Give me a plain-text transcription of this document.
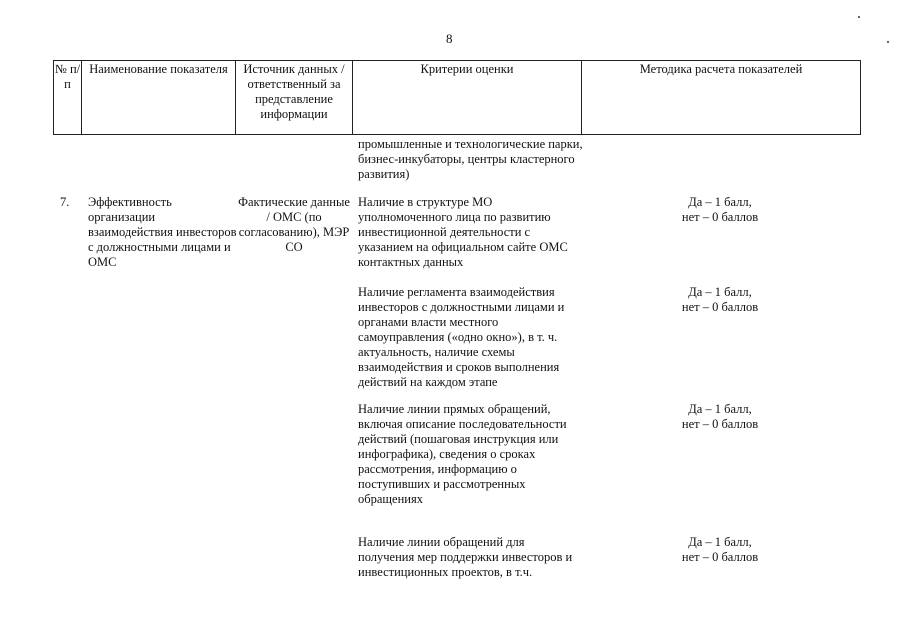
8
№ п/п
Наименование показателя	Источник данных / ответственный за представление информации
Критерии оценки	Методика расчета показателей
промышленные и технологические парки, бизнес-инкубаторы, центры кластерного развития)
7. Эффективность организации взаимодействия инвесторов с должностными лицами и ОМС
Фактические данные / ОМС (по согласованию), МЭР СО
Наличие в структуре МО уполномоченного лица по развитию инвестиционной деятельности с указанием на официальном сайте ОМС контактных данных
Да – 1 балл,
нет – 0 баллов
Наличие регламента взаимодействия инвесторов с должностными лицами и органами власти местного самоуправления («одно окно»), в т. ч. актуальность, наличие схемы взаимодействия и сроков выполнения действий на каждом этапе
Да – 1 балл,
нет – 0 баллов
Наличие линии прямых обращений, включая описание последовательности действий (пошаговая инструкция или инфографика), сведения о сроках рассмотрения, информацию о поступивших и рассмотренных обращениях
Да – 1 балл,
нет – 0 баллов
Наличие линии обращений для получения мер поддержки инвесторов и инвестиционных проектов, в т.ч.
Да – 1 балл,
нет – 0 баллов
